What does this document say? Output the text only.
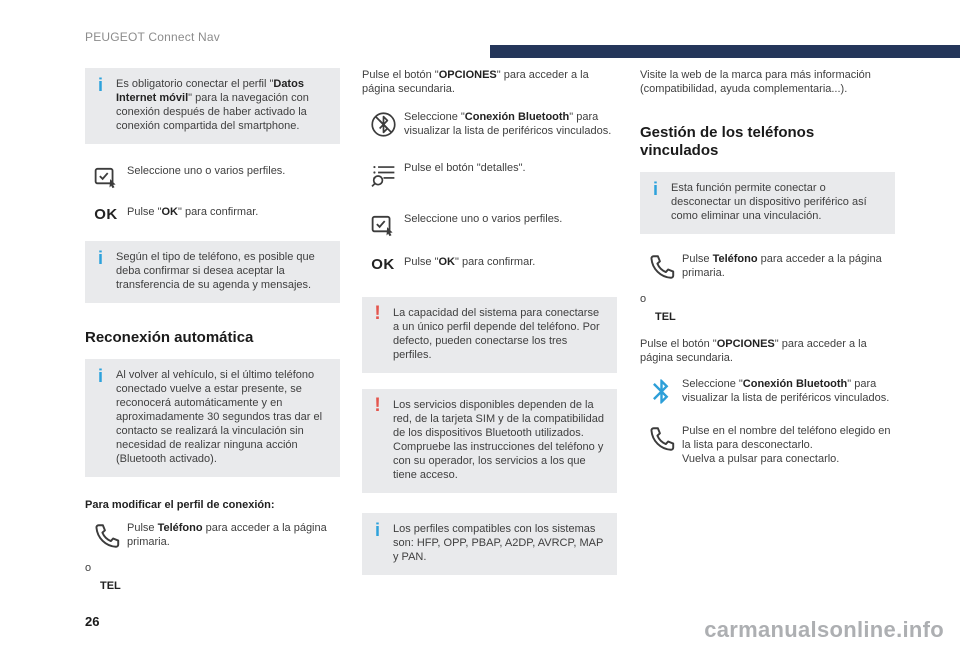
PEUGEOT Connect Nav
i	Es obligatorio conectar el perfil "Datos Internet móvil" para la navegación con conexión después de haber activado la conexión compartida del smartphone.

Seleccione uno o varios perfiles.

OK Pulse "OK" para confirmar.

i	Según el tipo de teléfono, es posible que deba confirmar si desea aceptar la transferencia de su agenda y mensajes.

Reconexión automática
i	Al volver al vehículo, si el último teléfono conectado vuelve a estar presente, se reconocerá automáticamente y en aproximadamente 30 segundos tras dar el contacto se realizará la vinculación sin necesidad de realizar ninguna acción (Bluetooth activado).

Para modificar el perfil de conexión:

Pulse Teléfono para acceder a la página primaria.

o

TEL

Pulse el botón "OPCIONES" para acceder a la página secundaria.

Seleccione "Conexión Bluetooth" para visualizar la lista de periféricos vinculados.

Pulse el botón "detalles".

Seleccione uno o varios perfiles.

OK Pulse "OK" para confirmar.

!	La capacidad del sistema para conectarse a un único perfil depende del teléfono. Por defecto, pueden conectarse los tres perfiles.

!	Los servicios disponibles dependen de la red, de la tarjeta SIM y de la compatibilidad de los dispositivos Bluetooth utilizados. Compruebe las instrucciones del teléfono y con su operador, los servicios a los que tiene acceso.

i	Los perfiles compatibles con los sistemas son: HFP, OPP, PBAP, A2DP, AVRCP, MAP y PAN.

Visite la web de la marca para más información (compatibilidad, ayuda complementaria...).

Gestión de los teléfonos vinculados
i	Esta función permite conectar o desconectar un dispositivo periférico así como eliminar una vinculación.

Pulse Teléfono para acceder a la página primaria.

o

TEL

Pulse el botón "OPCIONES" para acceder a la página secundaria.

Seleccione "Conexión Bluetooth" para visualizar la lista de periféricos vinculados.

Pulse en el nombre del teléfono elegido en la lista para desconectarlo.
Vuelva a pulsar para conectarlo.

26	carmanualsonline.info
